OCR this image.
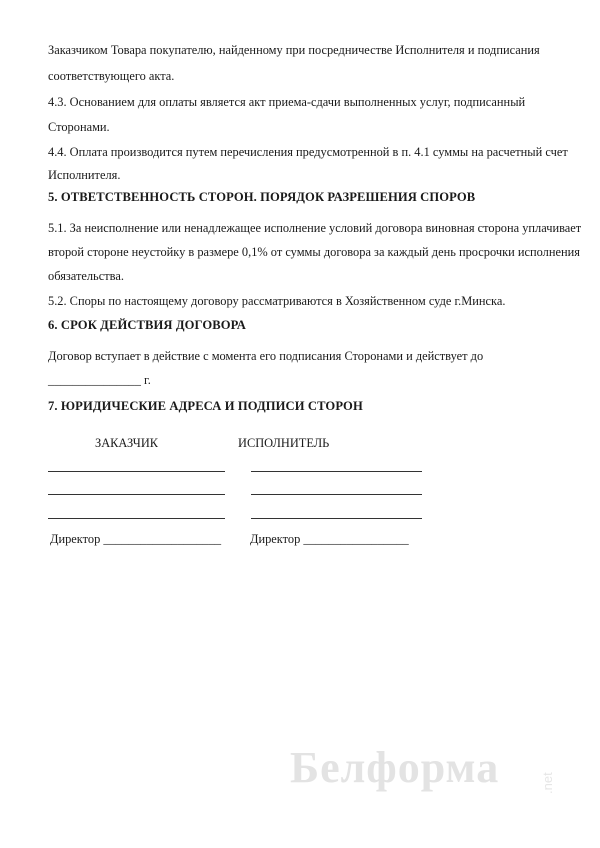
Заказчиком Товара покупателю, найденному при посредничестве Исполнителя и подписания
соответствующего акта.
4.3. Основанием для оплаты является акт приема-сдачи выполненных услуг, подписанный
Сторонами.
4.4. Оплата производится путем перечисления предусмотренной в п. 4.1 суммы на расчетный счет
Исполнителя.
5. ОТВЕТСТВЕННОСТЬ СТОРОН. ПОРЯДОК РАЗРЕШЕНИЯ СПОРОВ
5.1. За неисполнение или ненадлежащее исполнение условий договора виновная сторона уплачивает
второй стороне неустойку в размере 0,1% от суммы договора за каждый день просрочки исполнения
обязательства.
5.2. Споры по настоящему договору рассматриваются в Хозяйственном суде г.Минска.
6. СРОК ДЕЙСТВИЯ ДОГОВОРА
Договор вступает в действие с момента его подписания Сторонами и действует до
_______________ г.
7. ЮРИДИЧЕСКИЕ АДРЕСА И ПОДПИСИ СТОРОН
ЗАКАЗЧИК	ИСПОЛНИТЕЛЬ
Директор ___________________ Директор _________________
Белформа	.net
